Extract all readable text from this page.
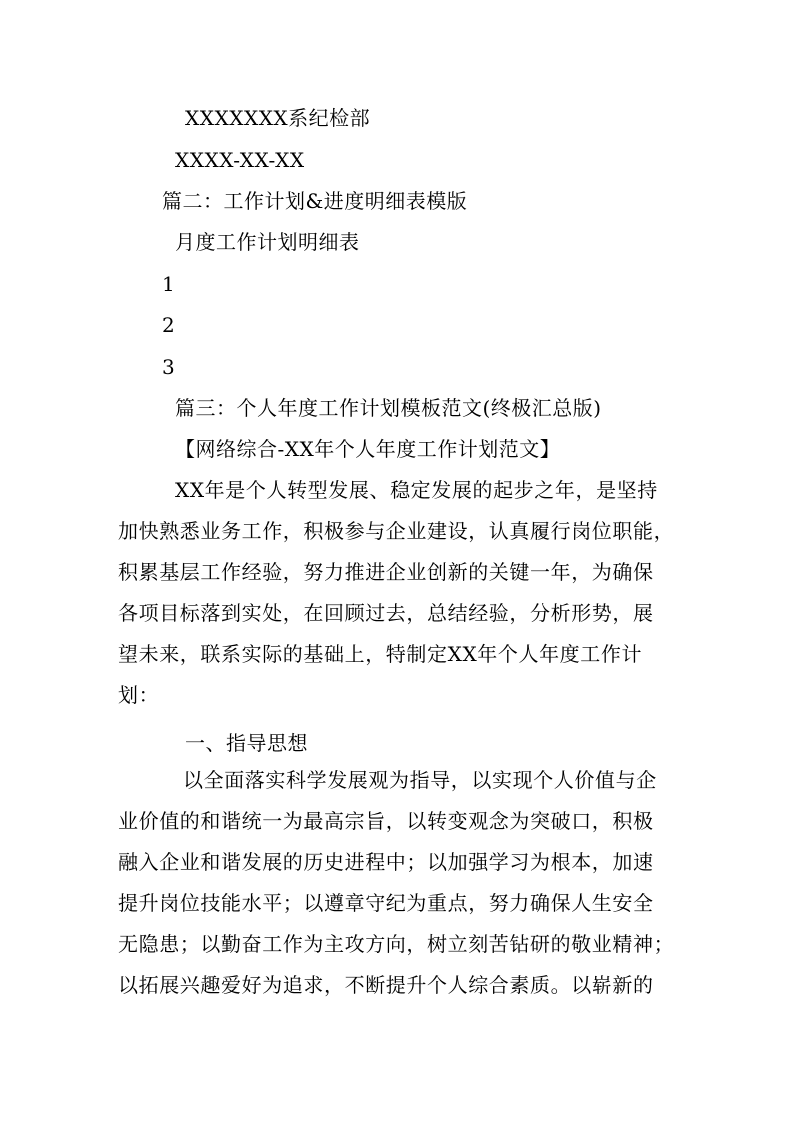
XXXXXXX系纪检部
XXXX-XX-XX
篇二：工作计划&进度明细表模版
月度工作计划明细表
1
2
3
篇三：个人年度工作计划模板范文(终极汇总版)
【网络综合-XX年个人年度工作计划范文】
XX年是个人转型发展、稳定发展的起步之年，是坚持
加快熟悉业务工作，积极参与企业建设，认真履行岗位职能，
积累基层工作经验，努力推进企业创新的关键一年，为确保
各项目标落到实处，在回顾过去，总结经验，分析形势，展
望未来，联系实际的基础上，特制定XX年个人年度工作计
划：
一、指导思想
以全面落实科学发展观为指导，以实现个人价值与企
业价值的和谐统一为最高宗旨，以转变观念为突破口，积极
融入企业和谐发展的历史进程中；以加强学习为根本，加速
提升岗位技能水平；以遵章守纪为重点，努力确保人生安全
无隐患；以勤奋工作为主攻方向，树立刻苦钻研的敬业精神；
以拓展兴趣爱好为追求，不断提升个人综合素质。以崭新的
